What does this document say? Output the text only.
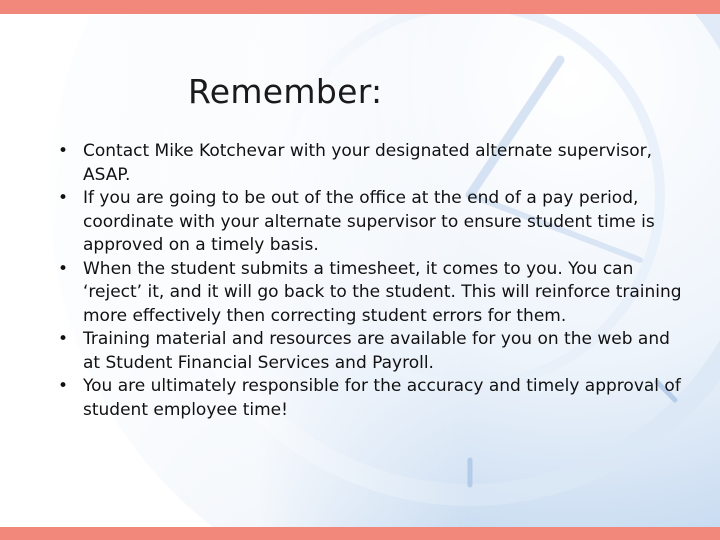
Remember:
• Contact Mike Kotchevar with your designated alternate supervisor, ASAP.
• If you are going to be out of the office at the end of a pay period, coordinate with your alternate supervisor to ensure student time is approved on a timely basis.
• When the student submits a timesheet, it comes to you. You can ‘reject’ it, and it will go back to the student. This will reinforce training more effectively then correcting student errors for them.
• Training material and resources are available for you on the web and at Student Financial Services and Payroll.
• You are ultimately responsible for the accuracy and timely approval of student employee time!
